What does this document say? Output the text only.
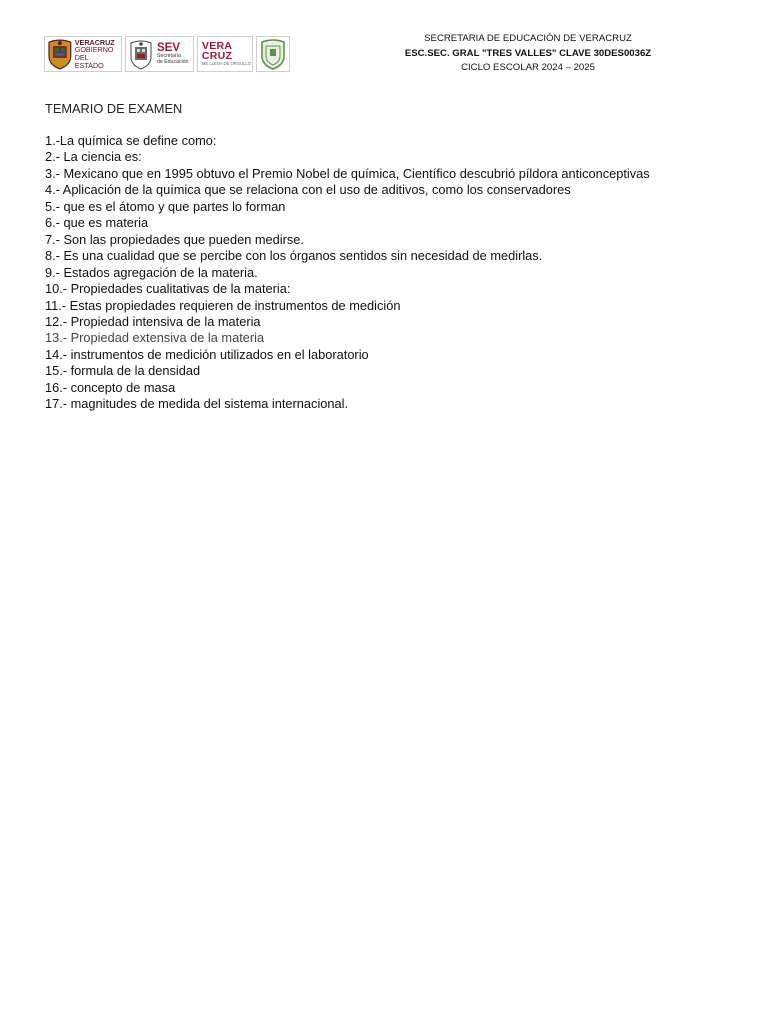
VERACRUZ
GOBIERNO
DEL ESTADO
SEV
Secretaría
de Educación
VERA
CRUZ
ME LLENA DE ORGULLO
SECRETARIA DE EDUCACIÓN DE VERACRUZ
ESC.SEC. GRAL "TRES VALLES" CLAVE 30DES0036Z
CICLO ESCOLAR 2024 – 2025
TEMARIO DE EXAMEN
1.-La química se define como:
2.- La ciencia es:
3.- Mexicano que en 1995 obtuvo el Premio Nobel de química, Científico descubrió píldora anticonceptivas
4.- Aplicación de la química que se relaciona con el uso de aditivos, como los conservadores
5.- que es el átomo y que partes lo forman
6.- que es materia
7.- Son las propiedades que pueden medirse.
8.- Es una cualidad que se percibe con los órganos sentidos sin necesidad de medirlas.
9.- Estados agregación de la materia.
10.- Propiedades cualitativas de la materia:
11.- Estas propiedades requieren de instrumentos de medición
12.- Propiedad intensiva de la materia
13.- Propiedad extensiva de la materia
14.- instrumentos de medición utilizados en el laboratorio
15.- formula de la densidad
16.- concepto de masa
17.- magnitudes de medida del sistema internacional.
